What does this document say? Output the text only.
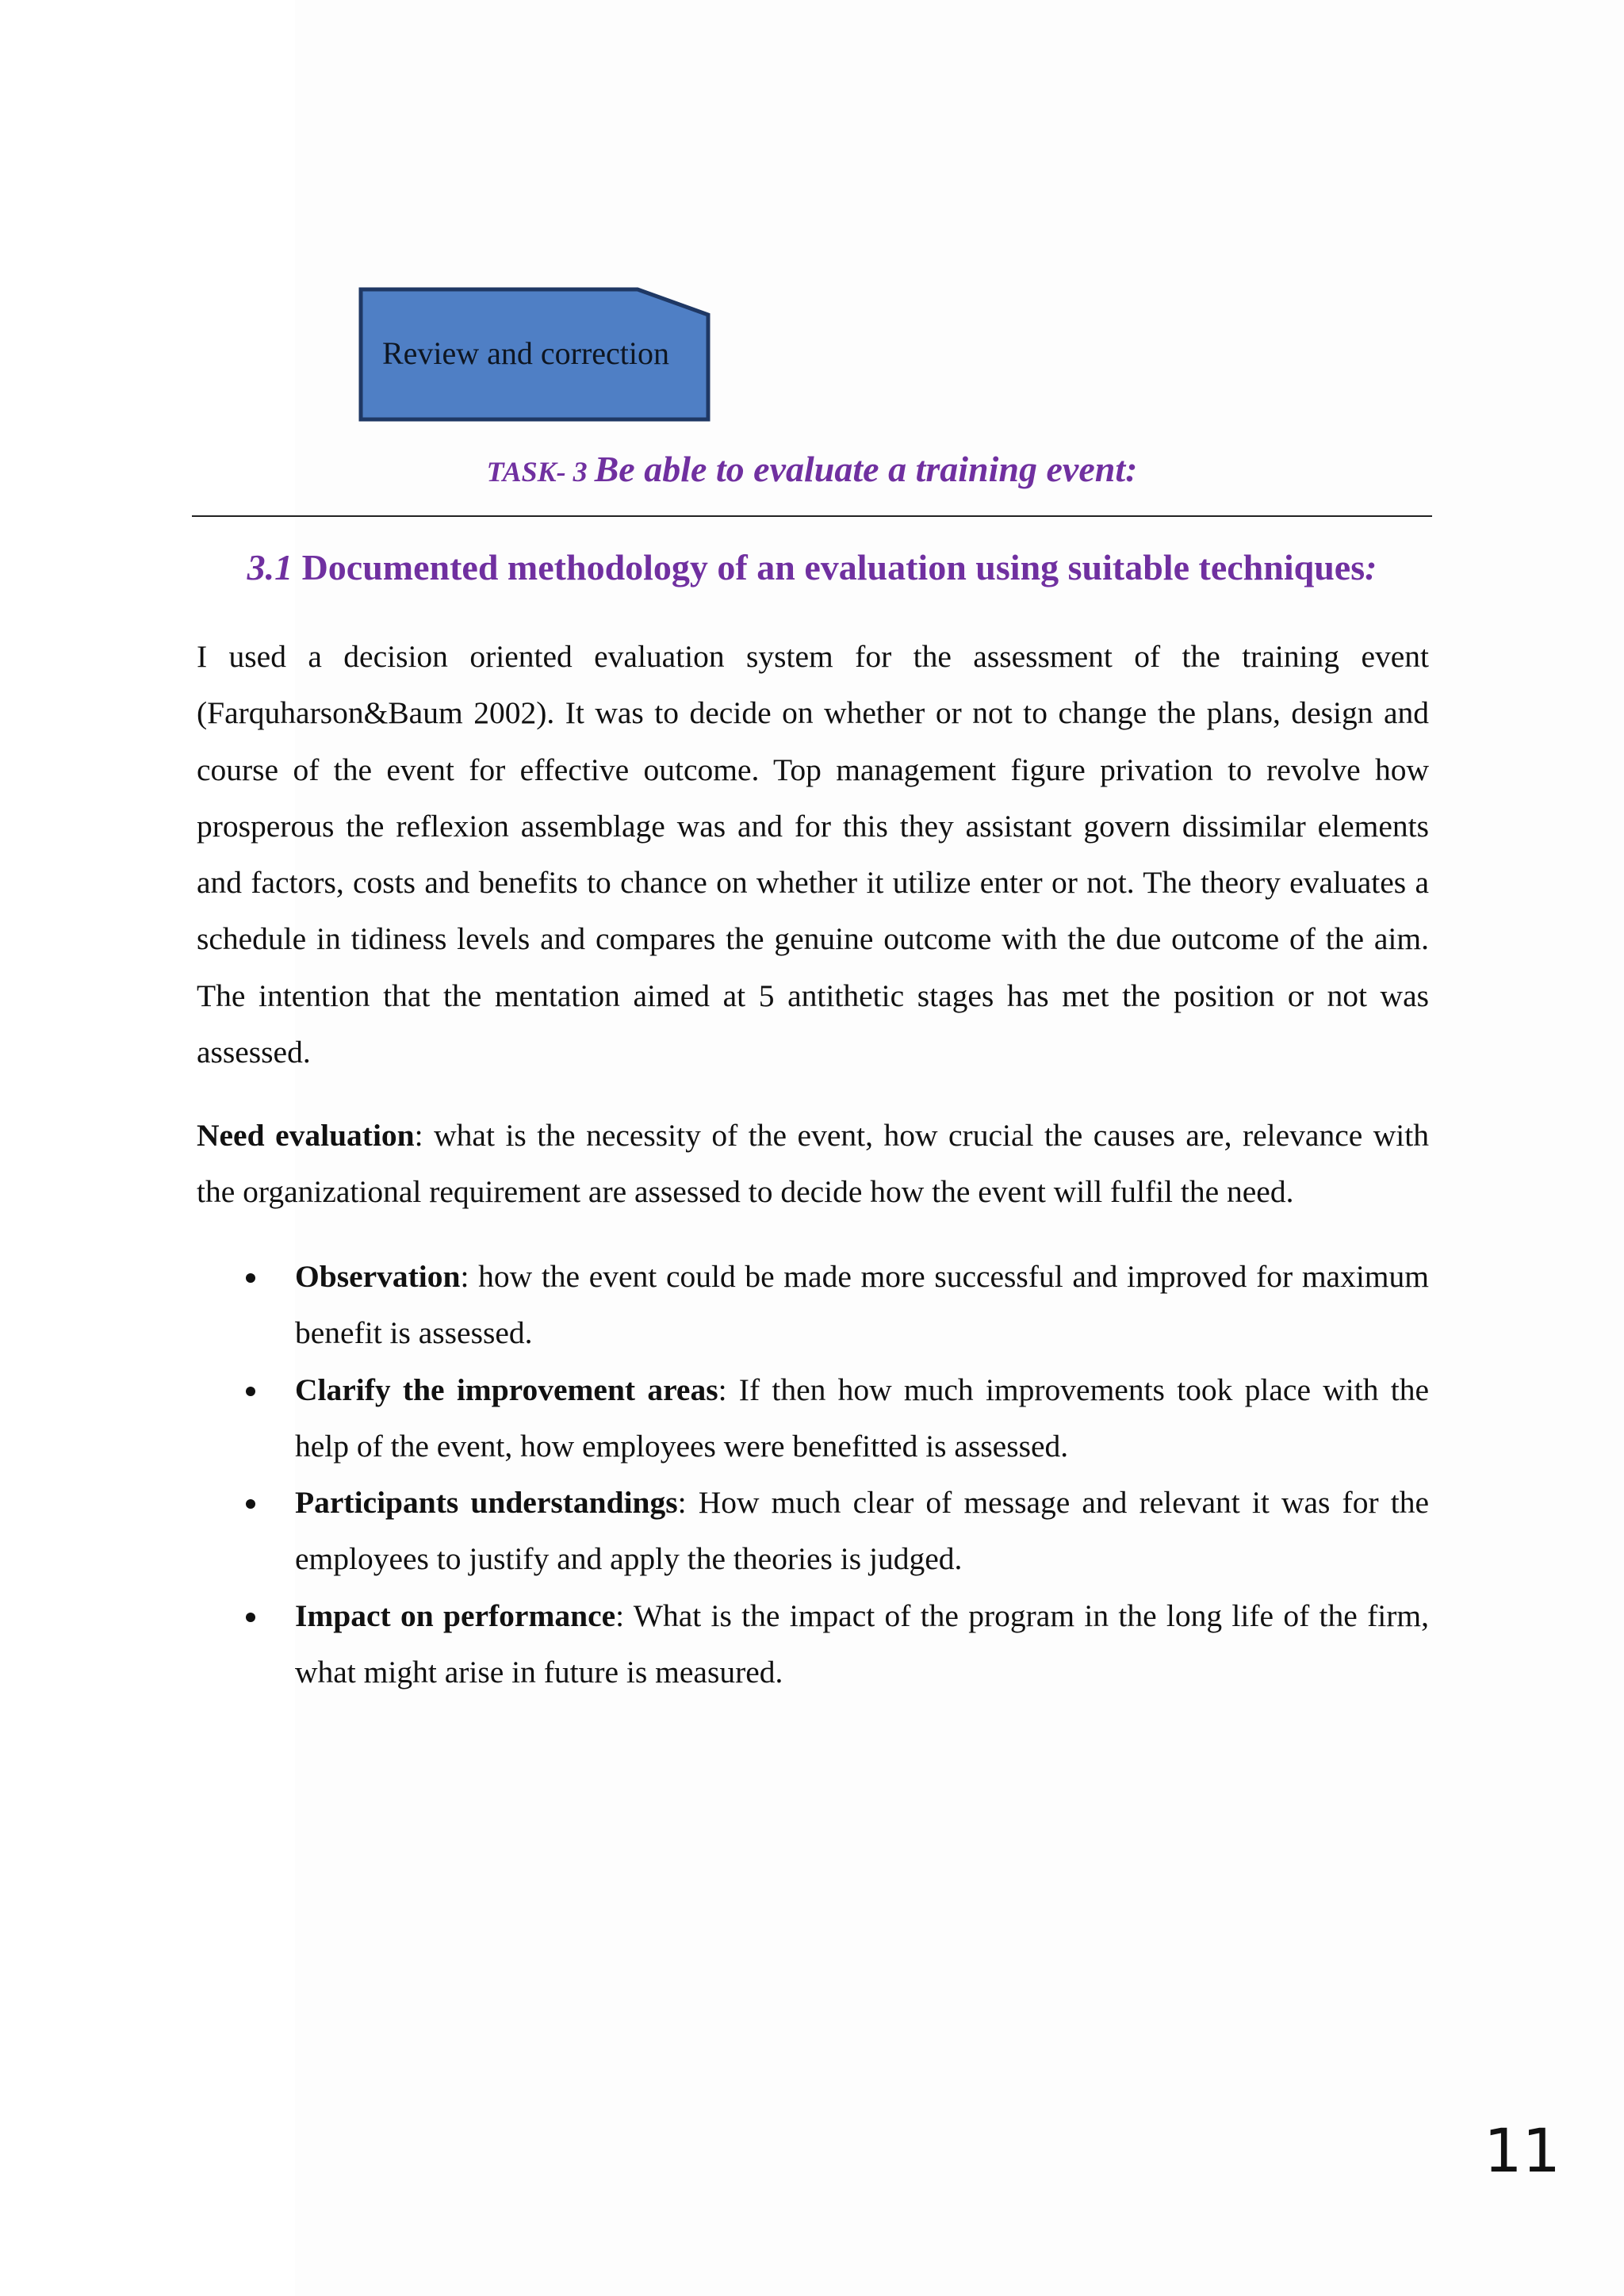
Review and correction
TASK- 3 Be able to evaluate a training event:
3.1 Documented methodology of an evaluation using suitable techniques:

I used a decision oriented evaluation system for the assessment of the training event (Farquharson&Baum 2002). It was to decide on whether or not to change the plans, design and course of the event for effective outcome. Top management figure privation to revolve how prosperous the reflexion assemblage was and for this they assistant govern dissimilar elements and factors, costs and benefits to chance on whether it utilize enter or not. The theory evaluates a schedule in tidiness levels and compares the genuine outcome with the due outcome of the aim. The intention that the mentation aimed at 5 antithetic stages has met the position or not was assessed.

Need evaluation: what is the necessity of the event, how crucial the causes are, relevance with the organizational requirement are assessed to decide how the event will fulfil the need.

Observation: how the event could be made more successful and improved for maximum benefit is assessed.
Clarify the improvement areas: If then how much improvements took place with the help of the event, how employees were benefitted is assessed.
Participants understandings: How much clear of message and relevant it was for the employees to justify and apply the theories is judged.
Impact on performance: What is the impact of the program in the long life of the firm, what might arise in future is measured.
11
